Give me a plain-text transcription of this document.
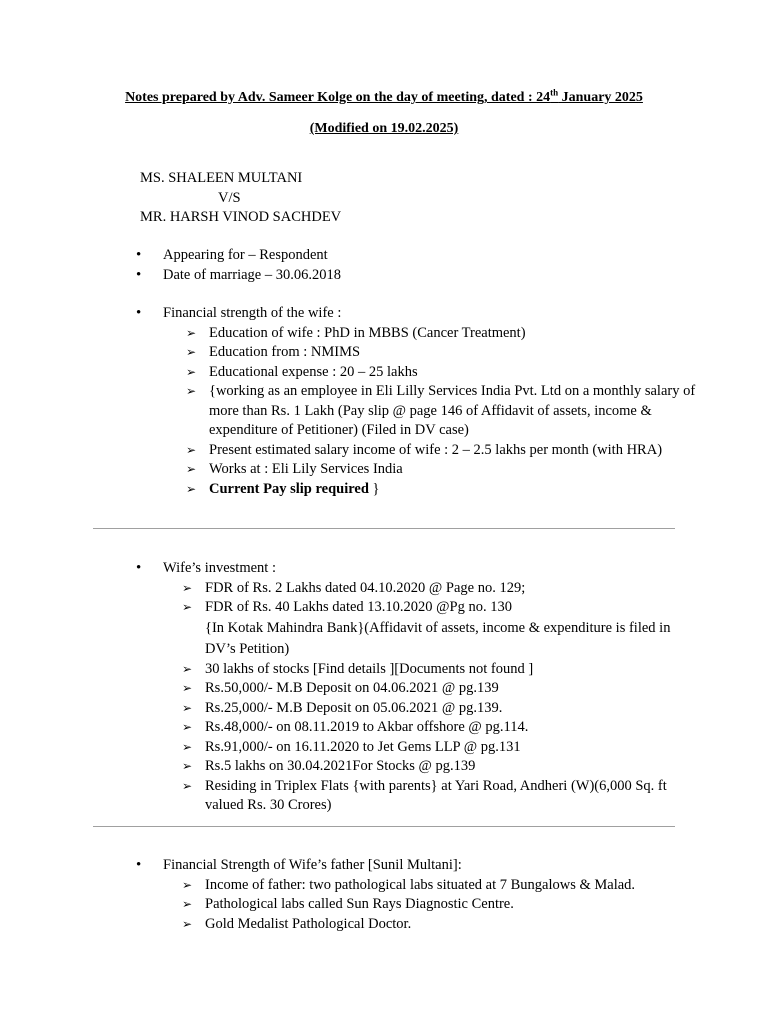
Notes prepared by Adv. Sameer Kolge on the day of meeting, dated : 24th January 2025
(Modified on 19.02.2025)
MS. SHALEEN MULTANI
V/S
MR. HARSH VINOD SACHDEV
• Appearing for – Respondent
• Date of marriage – 30.06.2018
• Financial strength of the wife :
➢ Education of wife : PhD in MBBS (Cancer Treatment)
➢ Education from : NMIMS
➢ Educational expense : 20 – 25 lakhs
➢ {working as an employee in Eli Lilly Services India Pvt. Ltd on a monthly salary of more than Rs. 1 Lakh (Pay slip @ page 146 of Affidavit of assets, income & expenditure of Petitioner) (Filed in DV case)
➢ Present estimated salary income of wife : 2 – 2.5 lakhs per month (with HRA)
➢ Works at : Eli Lily Services India
➢ Current Pay slip required }
• Wife’s investment :
➢ FDR of Rs. 2 Lakhs dated 04.10.2020 @ Page no. 129;
➢ FDR of Rs. 40 Lakhs dated 13.10.2020 @Pg no. 130
{In Kotak Mahindra Bank}(Affidavit of assets, income & expenditure is filed in DV’s Petition)
➢ 30 lakhs of stocks [Find details ][Documents not found ]
➢ Rs.50,000/- M.B Deposit on 04.06.2021 @ pg.139
➢ Rs.25,000/- M.B Deposit on 05.06.2021 @ pg.139.
➢ Rs.48,000/- on 08.11.2019 to Akbar offshore @ pg.114.
➢ Rs.91,000/- on 16.11.2020 to Jet Gems LLP @ pg.131
➢ Rs.5 lakhs on 30.04.2021For Stocks @ pg.139
➢ Residing in Triplex Flats {with parents} at Yari Road, Andheri (W)(6,000 Sq. ft valued Rs. 30 Crores)
• Financial Strength of Wife’s father [Sunil Multani]:
➢ Income of father: two pathological labs situated at 7 Bungalows & Malad.
➢ Pathological labs called Sun Rays Diagnostic Centre.
➢ Gold Medalist Pathological Doctor.
